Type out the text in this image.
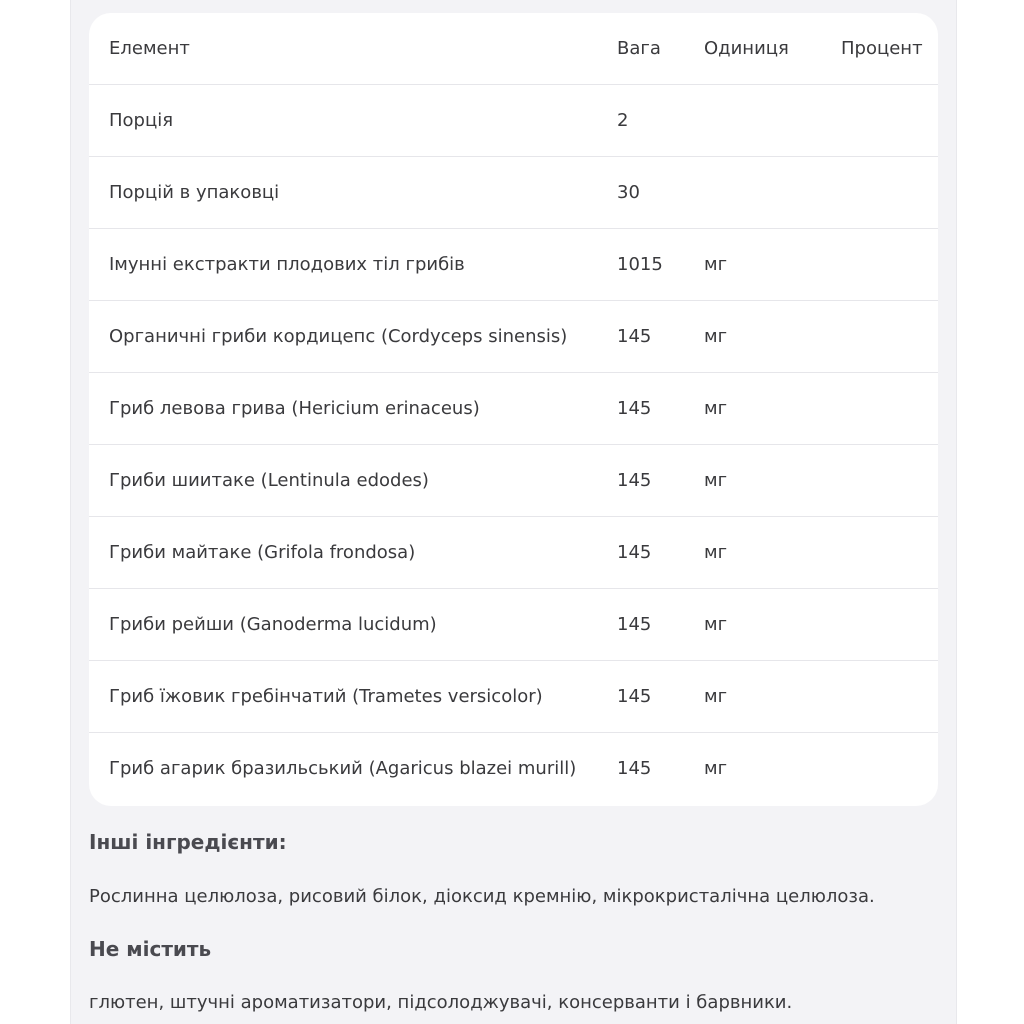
Елемент	Вага Одиниця	Процент
Порція	2
Порцій в упаковці	30
Імунні екстракти плодових тіл грибів	1015 мг
Органичні гриби кордицепс (Cordyceps sinensis)	145	мг
Гриб левова грива (Hericium erinaceus)	145	мг
Гриби шиитаке (Lentinula edodes)	145	мг
Гриби майтаке (Grifola frondosa)	145	мг
Гриби рейши (Ganoderma lucidum)	145	мг
Гриб їжовик гребінчатий (Trametes versicolor)	145	мг
Гриб агарик бразильський (Agaricus blazei murill) 145	мг
Інші інгредієнти:
Рослинна целюлоза, рисовий білок, діоксид кремнію, мікрокристалічна целюлоза.
Не містить
глютен, штучні ароматизатори, підсолоджувачі, консерванти і барвники.
